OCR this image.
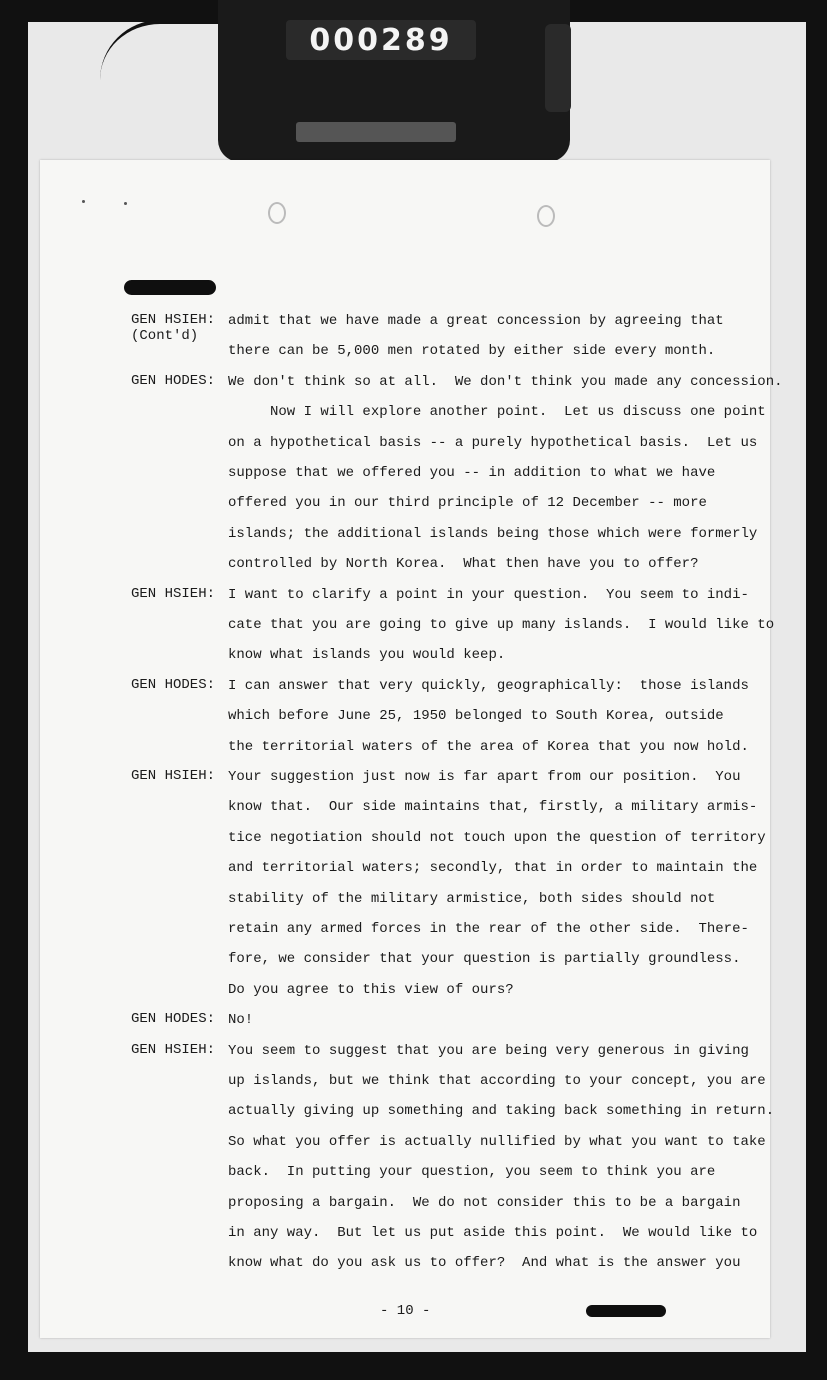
000289
GEN HSIEH:
(Cont'd)
admit that we have made a great concession by agreeing that
there can be 5,000 men rotated by either side every month.
GEN HODES: We don't think so at all.  We don't think you made any concession.
Now I will explore another point.  Let us discuss one point
on a hypothetical basis -- a purely hypothetical basis.  Let us
suppose that we offered you -- in addition to what we have
offered you in our third principle of 12 December -- more
islands; the additional islands being those which were formerly
controlled by North Korea.  What then have you to offer?
GEN HSIEH: I want to clarify a point in your question.  You seem to indi-
cate that you are going to give up many islands.  I would like to
know what islands you would keep.
GEN HODES: I can answer that very quickly, geographically:  those islands
which before June 25, 1950 belonged to South Korea, outside
the territorial waters of the area of Korea that you now hold.
GEN HSIEH: Your suggestion just now is far apart from our position.  You
know that.  Our side maintains that, firstly, a military armis-
tice negotiation should not touch upon the question of territory
and territorial waters; secondly, that in order to maintain the
stability of the military armistice, both sides should not
retain any armed forces in the rear of the other side.  There-
fore, we consider that your question is partially groundless.
Do you agree to this view of ours?
GEN HODES: No!
GEN HSIEH: You seem to suggest that you are being very generous in giving
up islands, but we think that according to your concept, you are
actually giving up something and taking back something in return.
So what you offer is actually nullified by what you want to take
back.  In putting your question, you seem to think you are
proposing a bargain.  We do not consider this to be a bargain
in any way.  But let us put aside this point.  We would like to
know what do you ask us to offer?  And what is the answer you
- 10 -
